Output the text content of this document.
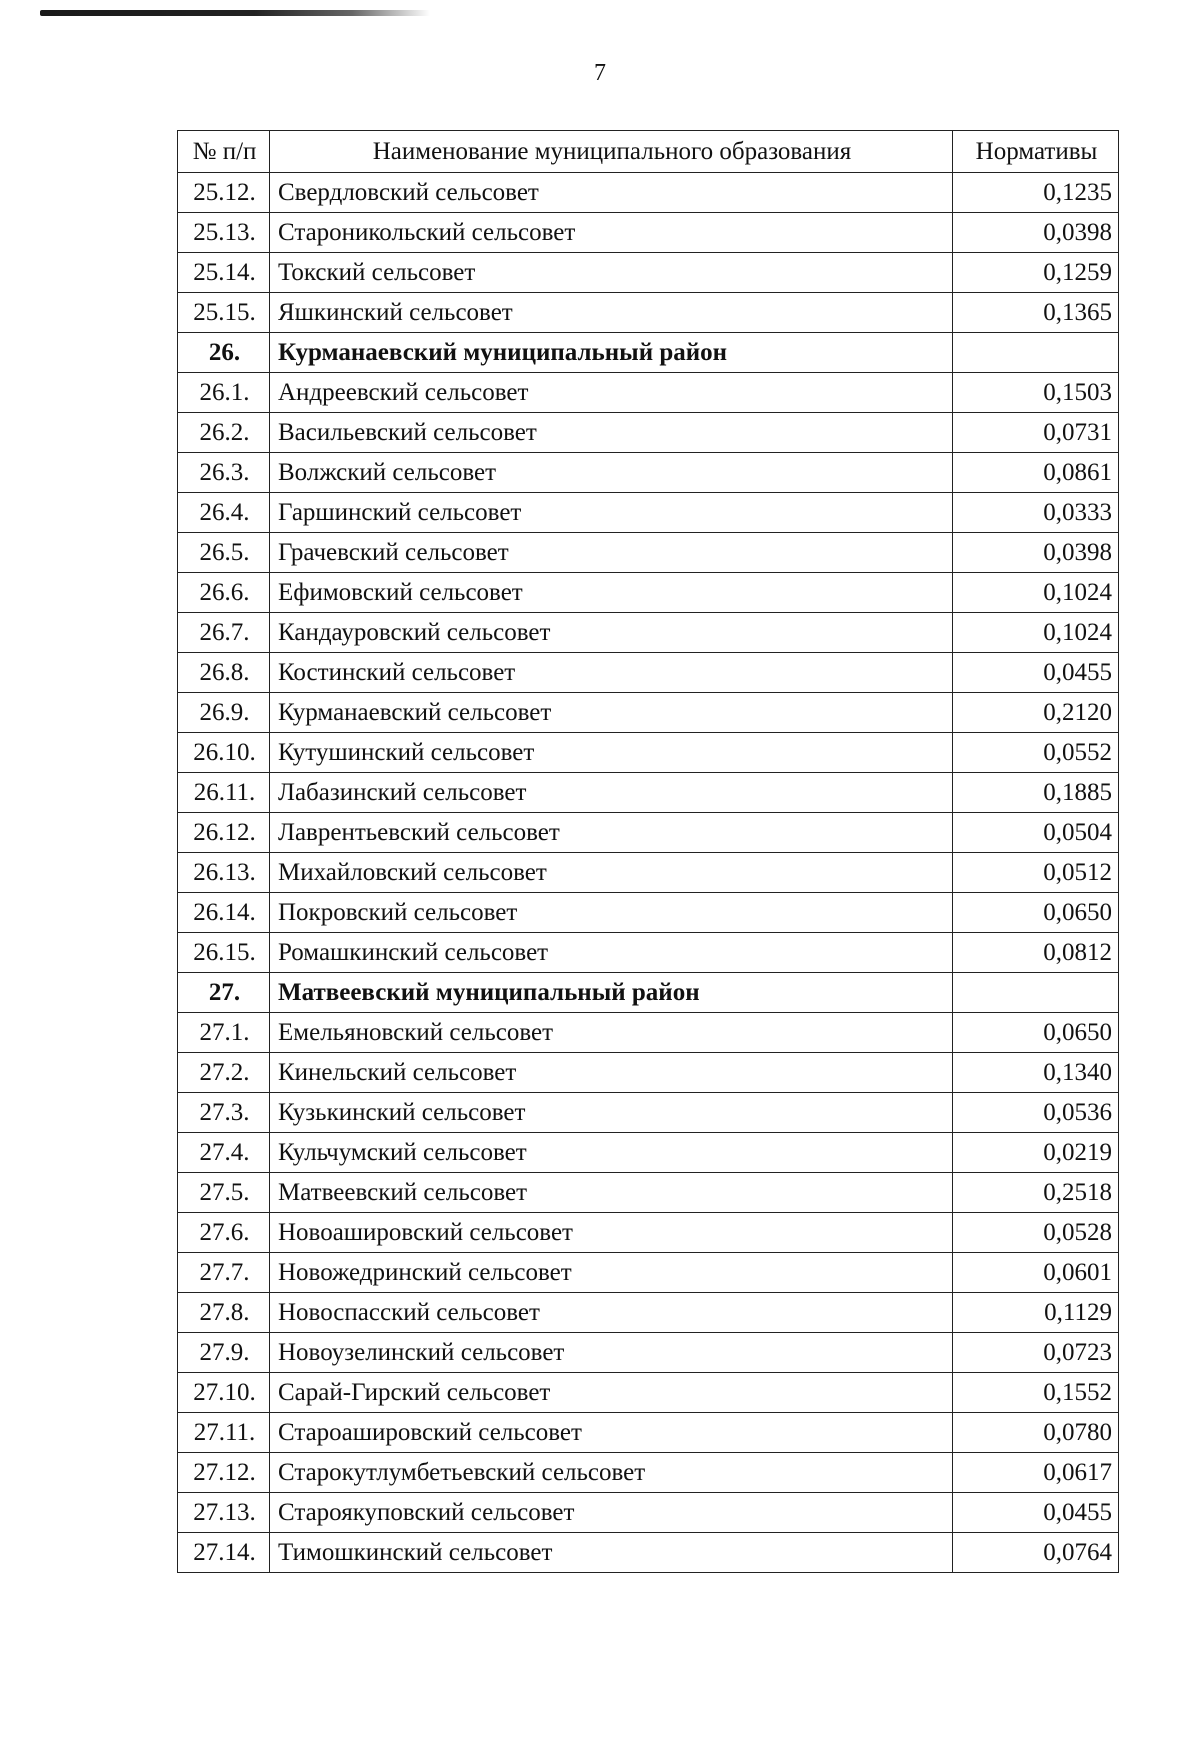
7
№ п/п	Наименование муниципального образования	Нормативы
25.12.	Свердловский сельсовет	0,1235
25.13.	Староникольский сельсовет	0,0398
25.14.	Токский сельсовет	0,1259
25.15.	Яшкинский сельсовет	0,1365
26.	Курманаевский муниципальный район	
26.1.	Андреевский сельсовет	0,1503
26.2.	Васильевский сельсовет	0,0731
26.3.	Волжский сельсовет	0,0861
26.4.	Гаршинский сельсовет	0,0333
26.5.	Грачевский сельсовет	0,0398
26.6.	Ефимовский сельсовет	0,1024
26.7.	Кандауровский сельсовет	0,1024
26.8.	Костинский сельсовет	0,0455
26.9.	Курманаевский сельсовет	0,2120
26.10.	Кутушинский сельсовет	0,0552
26.11.	Лабазинский сельсовет	0,1885
26.12.	Лаврентьевский сельсовет	0,0504
26.13.	Михайловский сельсовет	0,0512
26.14.	Покровский сельсовет	0,0650
26.15.	Ромашкинский сельсовет	0,0812
27.	Матвеевский муниципальный район	
27.1.	Емельяновский сельсовет	0,0650
27.2.	Кинельский сельсовет	0,1340
27.3.	Кузькинский сельсовет	0,0536
27.4.	Кульчумский сельсовет	0,0219
27.5.	Матвеевский сельсовет	0,2518
27.6.	Новоашировский сельсовет	0,0528
27.7.	Новожедринский сельсовет	0,0601
27.8.	Новоспасский сельсовет	0,1129
27.9.	Новоузелинский сельсовет	0,0723
27.10.	Сарай-Гирский сельсовет	0,1552
27.11.	Староашировский сельсовет	0,0780
27.12.	Старокутлумбетьевский сельсовет	0,0617
27.13.	Староякуповский сельсовет	0,0455
27.14.	Тимошкинский сельсовет	0,0764
